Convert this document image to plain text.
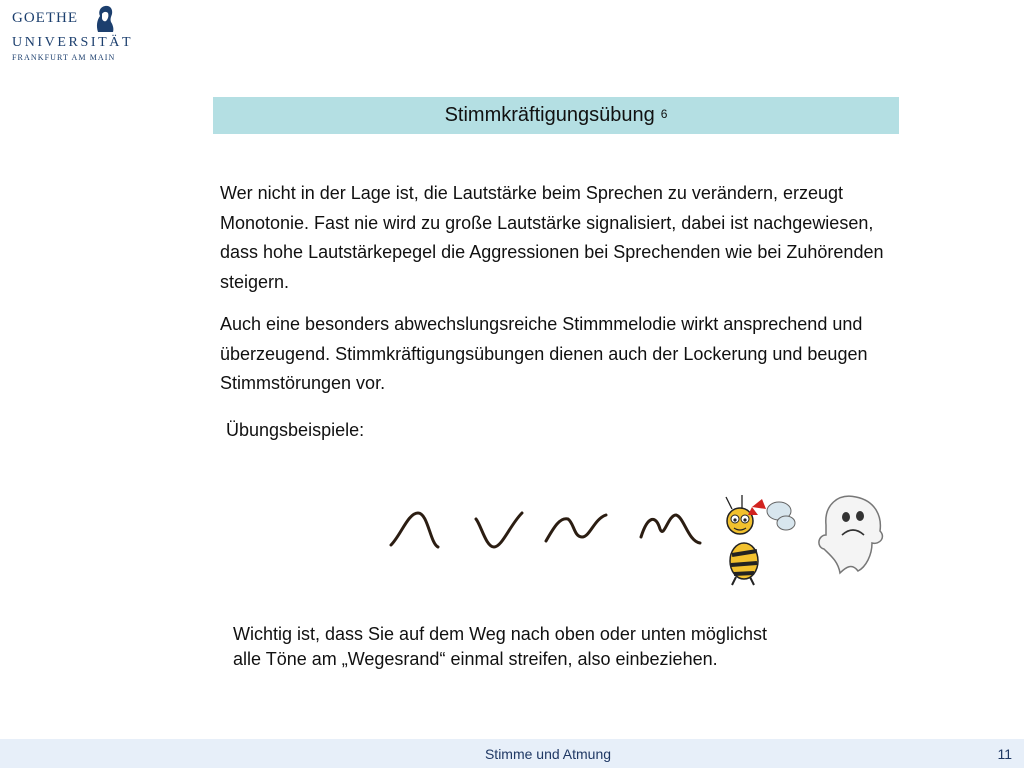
GOETHE
UNIVERSITÄT
FRANKFURT AM MAIN
Stimmkräftigungsübung $^6$
Wer nicht in der Lage ist, die Lautstärke beim Sprechen zu verändern, erzeugt Monotonie. Fast nie wird zu große Lautstärke signalisiert, dabei ist nachgewiesen, dass hohe Lautstärkepegel die Aggressionen bei Sprechenden wie bei Zuhörenden steigern.
Auch eine besonders abwechslungsreiche Stimmmelodie wirkt ansprechend und überzeugend. Stimmkräftigungsübungen dienen auch der Lockerung und beugen Stimmstörungen vor.
Übungsbeispiele:
Wichtig ist, dass Sie auf dem Weg nach oben oder unten möglichst
alle Töne am „Wegesrand“ einmal streifen, also einbeziehen.
Stimme und Atmung	11
